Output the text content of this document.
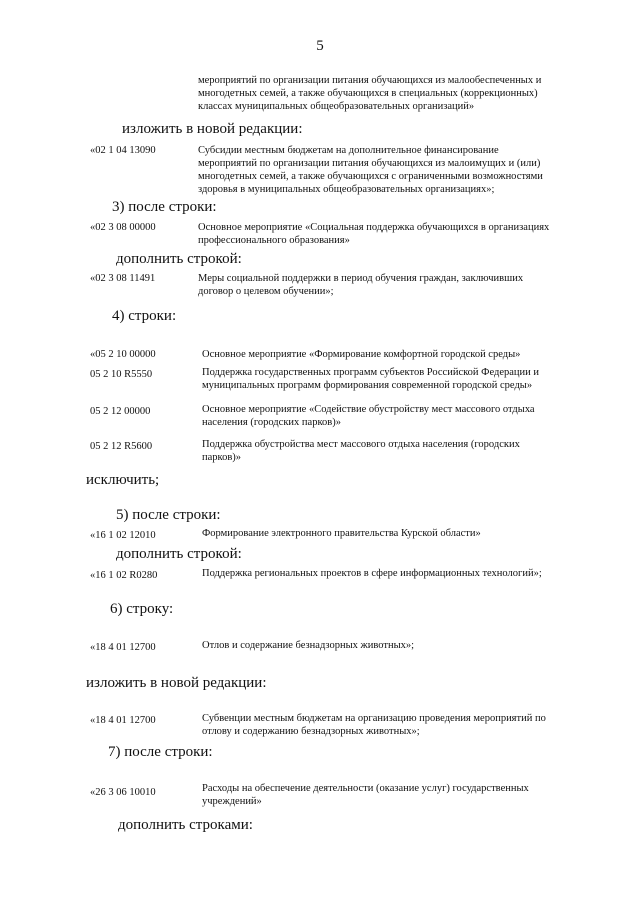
5
мероприятий по организации питания обучающихся из малообеспеченных и
многодетных семей, а также обучающихся в специальных (коррекционных)
классах муниципальных общеобразовательных организаций»
изложить в новой редакции:
«02 1 04 13090	Субсидии местным бюджетам на дополнительное финансирование
мероприятий по организации питания обучающихся из малоимущих и (или)
многодетных семей, а также обучающихся с ограниченными возможностями
здоровья в муниципальных общеобразовательных организациях»;
3) после строки:
«02 3 08 00000	Основное мероприятие «Социальная поддержка обучающихся в организациях
профессионального образования»
дополнить строкой:
«02 3 08 11491	Меры социальной поддержки в период обучения граждан, заключивших
договор о целевом обучении»;
4) строки:
«05 2 10 00000	Основное мероприятие «Формирование комфортной городской среды»
05 2 10 R5550	Поддержка государственных программ субъектов Российской Федерации и
муниципальных программ формирования современной городской среды»
05 2 12 00000	Основное мероприятие «Содействие обустройству мест массового отдыха
населения (городских парков)»
05 2 12 R5600	Поддержка обустройства мест массового отдыха населения (городских
парков)»
исключить;
5) после строки:
«16 1 02 12010	Формирование электронного правительства Курской области»
дополнить строкой:
«16 1 02 R0280	Поддержка региональных проектов в сфере информационных технологий»;
6) строку:
«18 4 01 12700	Отлов и содержание безнадзорных животных»;
изложить в новой редакции:
«18 4 01 12700	Субвенции местным бюджетам на организацию проведения мероприятий по
отлову и содержанию безнадзорных животных»;
7) после строки:
«26 3 06 10010	Расходы на обеспечение деятельности (оказание услуг) государственных
учреждений»
дополнить строками:
